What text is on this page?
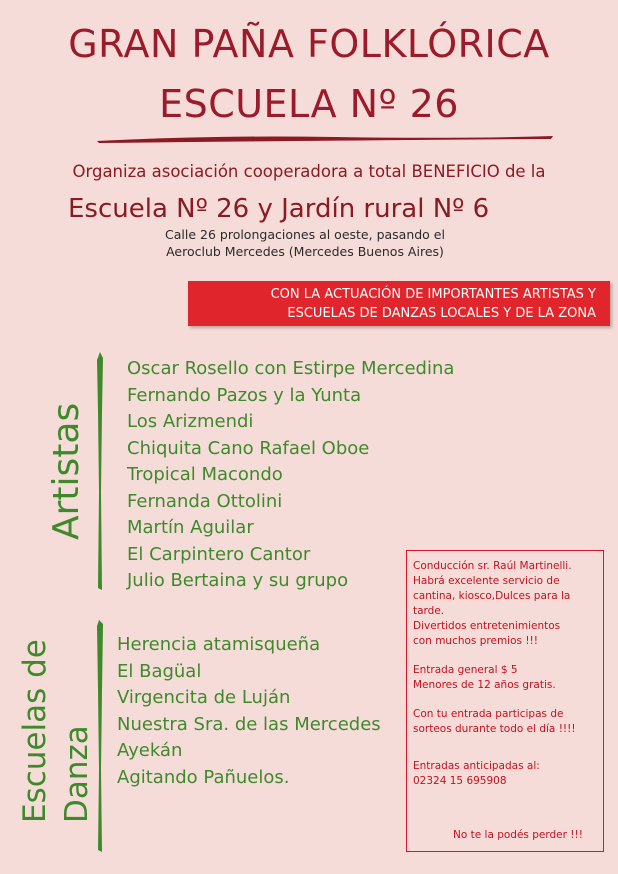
GRAN PAÑA FOLKLÓRICA
ESCUELA Nº 26
Organiza asociación cooperadora a total BENEFICIO de la
Escuela Nº 26 y Jardín rural Nº 6
Calle 26 prolongaciones al oeste, pasando el
Aeroclub Mercedes (Mercedes Buenos Aires)
CON LA ACTUACIÓN DE IMPORTANTES ARTISTAS Y
ESCUELAS DE DANZAS LOCALES Y DE LA ZONA
Artistas
Oscar Rosello con Estirpe Mercedina
Fernando Pazos y la Yunta
Los Arizmendi
Chiquita Cano Rafael Oboe
Tropical Macondo
Fernanda Ottolini
Martín Aguilar
El Carpintero Cantor
Julio Bertaina y su grupo
Escuelas de Danza
Herencia atamisqueña
El Bagüal
Virgencita de Luján
Nuestra Sra. de las Mercedes
Ayekán
Agitando Pañuelos.

Conducción sr. Raúl Martinelli.
Habrá excelente servicio de
cantina, kiosco,Dulces para la tarde.
Divertidos entretenimientos
con muchos premios !!!

Entrada general $ 5
Menores de 12 años gratis.

Con tu entrada participas de
sorteos durante todo el día !!!!

Entradas anticipadas al:
02324 15 695908

No te la podés perder !!!
